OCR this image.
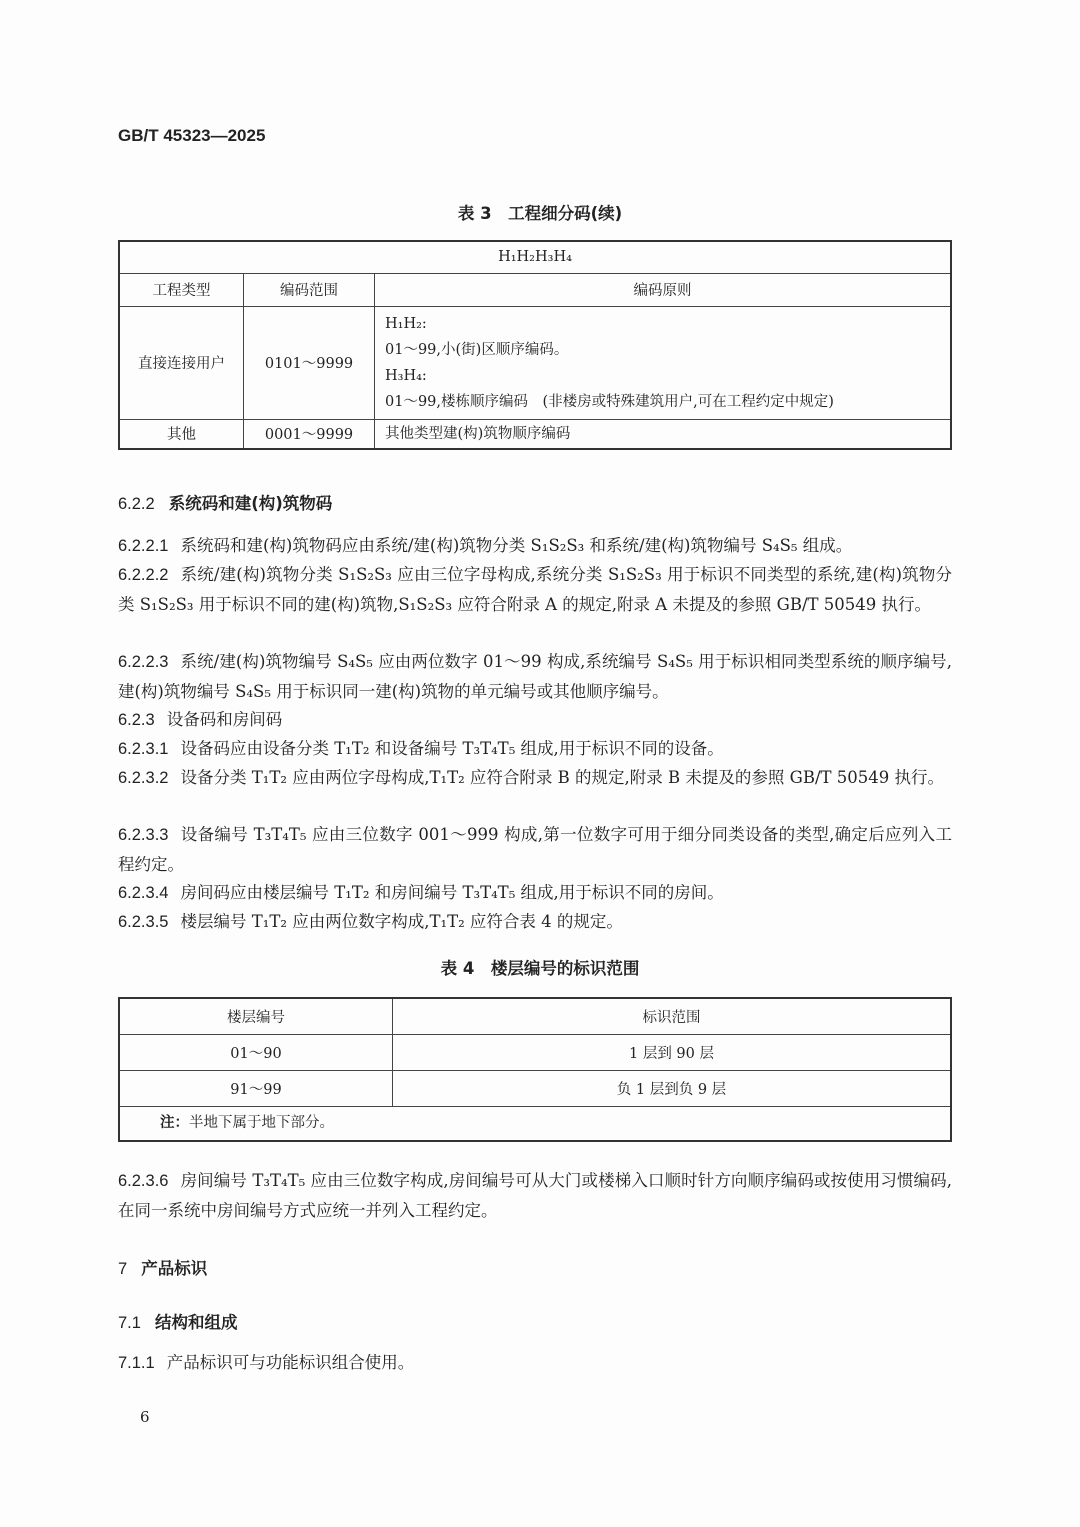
GB/T 45323—2025
表 3　工程细分码(续)
H₁H₂H₃H₄		
工程类型	编码范围	编码原则
直接连接用户	0101～9999	H₁H₂:
01～99,小(街)区顺序编码。
H₃H₄:
01～99,楼栋顺序编码　(非楼房或特殊建筑用户,可在工程约定中规定)

其他	0001～9999	其他类型建(构)筑物顺序编码
6.2.2 系统码和建(构)筑物码
6.2.2.1 系统码和建(构)筑物码应由系统/建(构)筑物分类 S₁S₂S₃ 和系统/建(构)筑物编号 S₄S₅ 组成。
6.2.2.2 系统/建(构)筑物分类 S₁S₂S₃ 应由三位字母构成,系统分类 S₁S₂S₃ 用于标识不同类型的系统,建(构)筑物分类 S₁S₂S₃ 用于标识不同的建(构)筑物,S₁S₂S₃ 应符合附录 A 的规定,附录 A 未提及的参照 GB/T 50549 执行。
6.2.2.3 系统/建(构)筑物编号 S₄S₅ 应由两位数字 01～99 构成,系统编号 S₄S₅ 用于标识相同类型系统的顺序编号,建(构)筑物编号 S₄S₅ 用于标识同一建(构)筑物的单元编号或其他顺序编号。
6.2.3 设备码和房间码
6.2.3.1 设备码应由设备分类 T₁T₂ 和设备编号 T₃T₄T₅ 组成,用于标识不同的设备。
6.2.3.2 设备分类 T₁T₂ 应由两位字母构成,T₁T₂ 应符合附录 B 的规定,附录 B 未提及的参照 GB/T 50549 执行。
6.2.3.3 设备编号 T₃T₄T₅ 应由三位数字 001～999 构成,第一位数字可用于细分同类设备的类型,确定后应列入工程约定。
6.2.3.4 房间码应由楼层编号 T₁T₂ 和房间编号 T₃T₄T₅ 组成,用于标识不同的房间。
6.2.3.5 楼层编号 T₁T₂ 应由两位数字构成,T₁T₂ 应符合表 4 的规定。
表 4　楼层编号的标识范围
楼层编号	标识范围
01～90	1 层到 90 层
91～99	负 1 层到负 9 层
注：半地下属于地下部分。	
6.2.3.6 房间编号 T₃T₄T₅ 应由三位数字构成,房间编号可从大门或楼梯入口顺时针方向顺序编码或按使用习惯编码,在同一系统中房间编号方式应统一并列入工程约定。
7 产品标识
7.1 结构和组成
7.1.1 产品标识可与功能标识组合使用。
6
